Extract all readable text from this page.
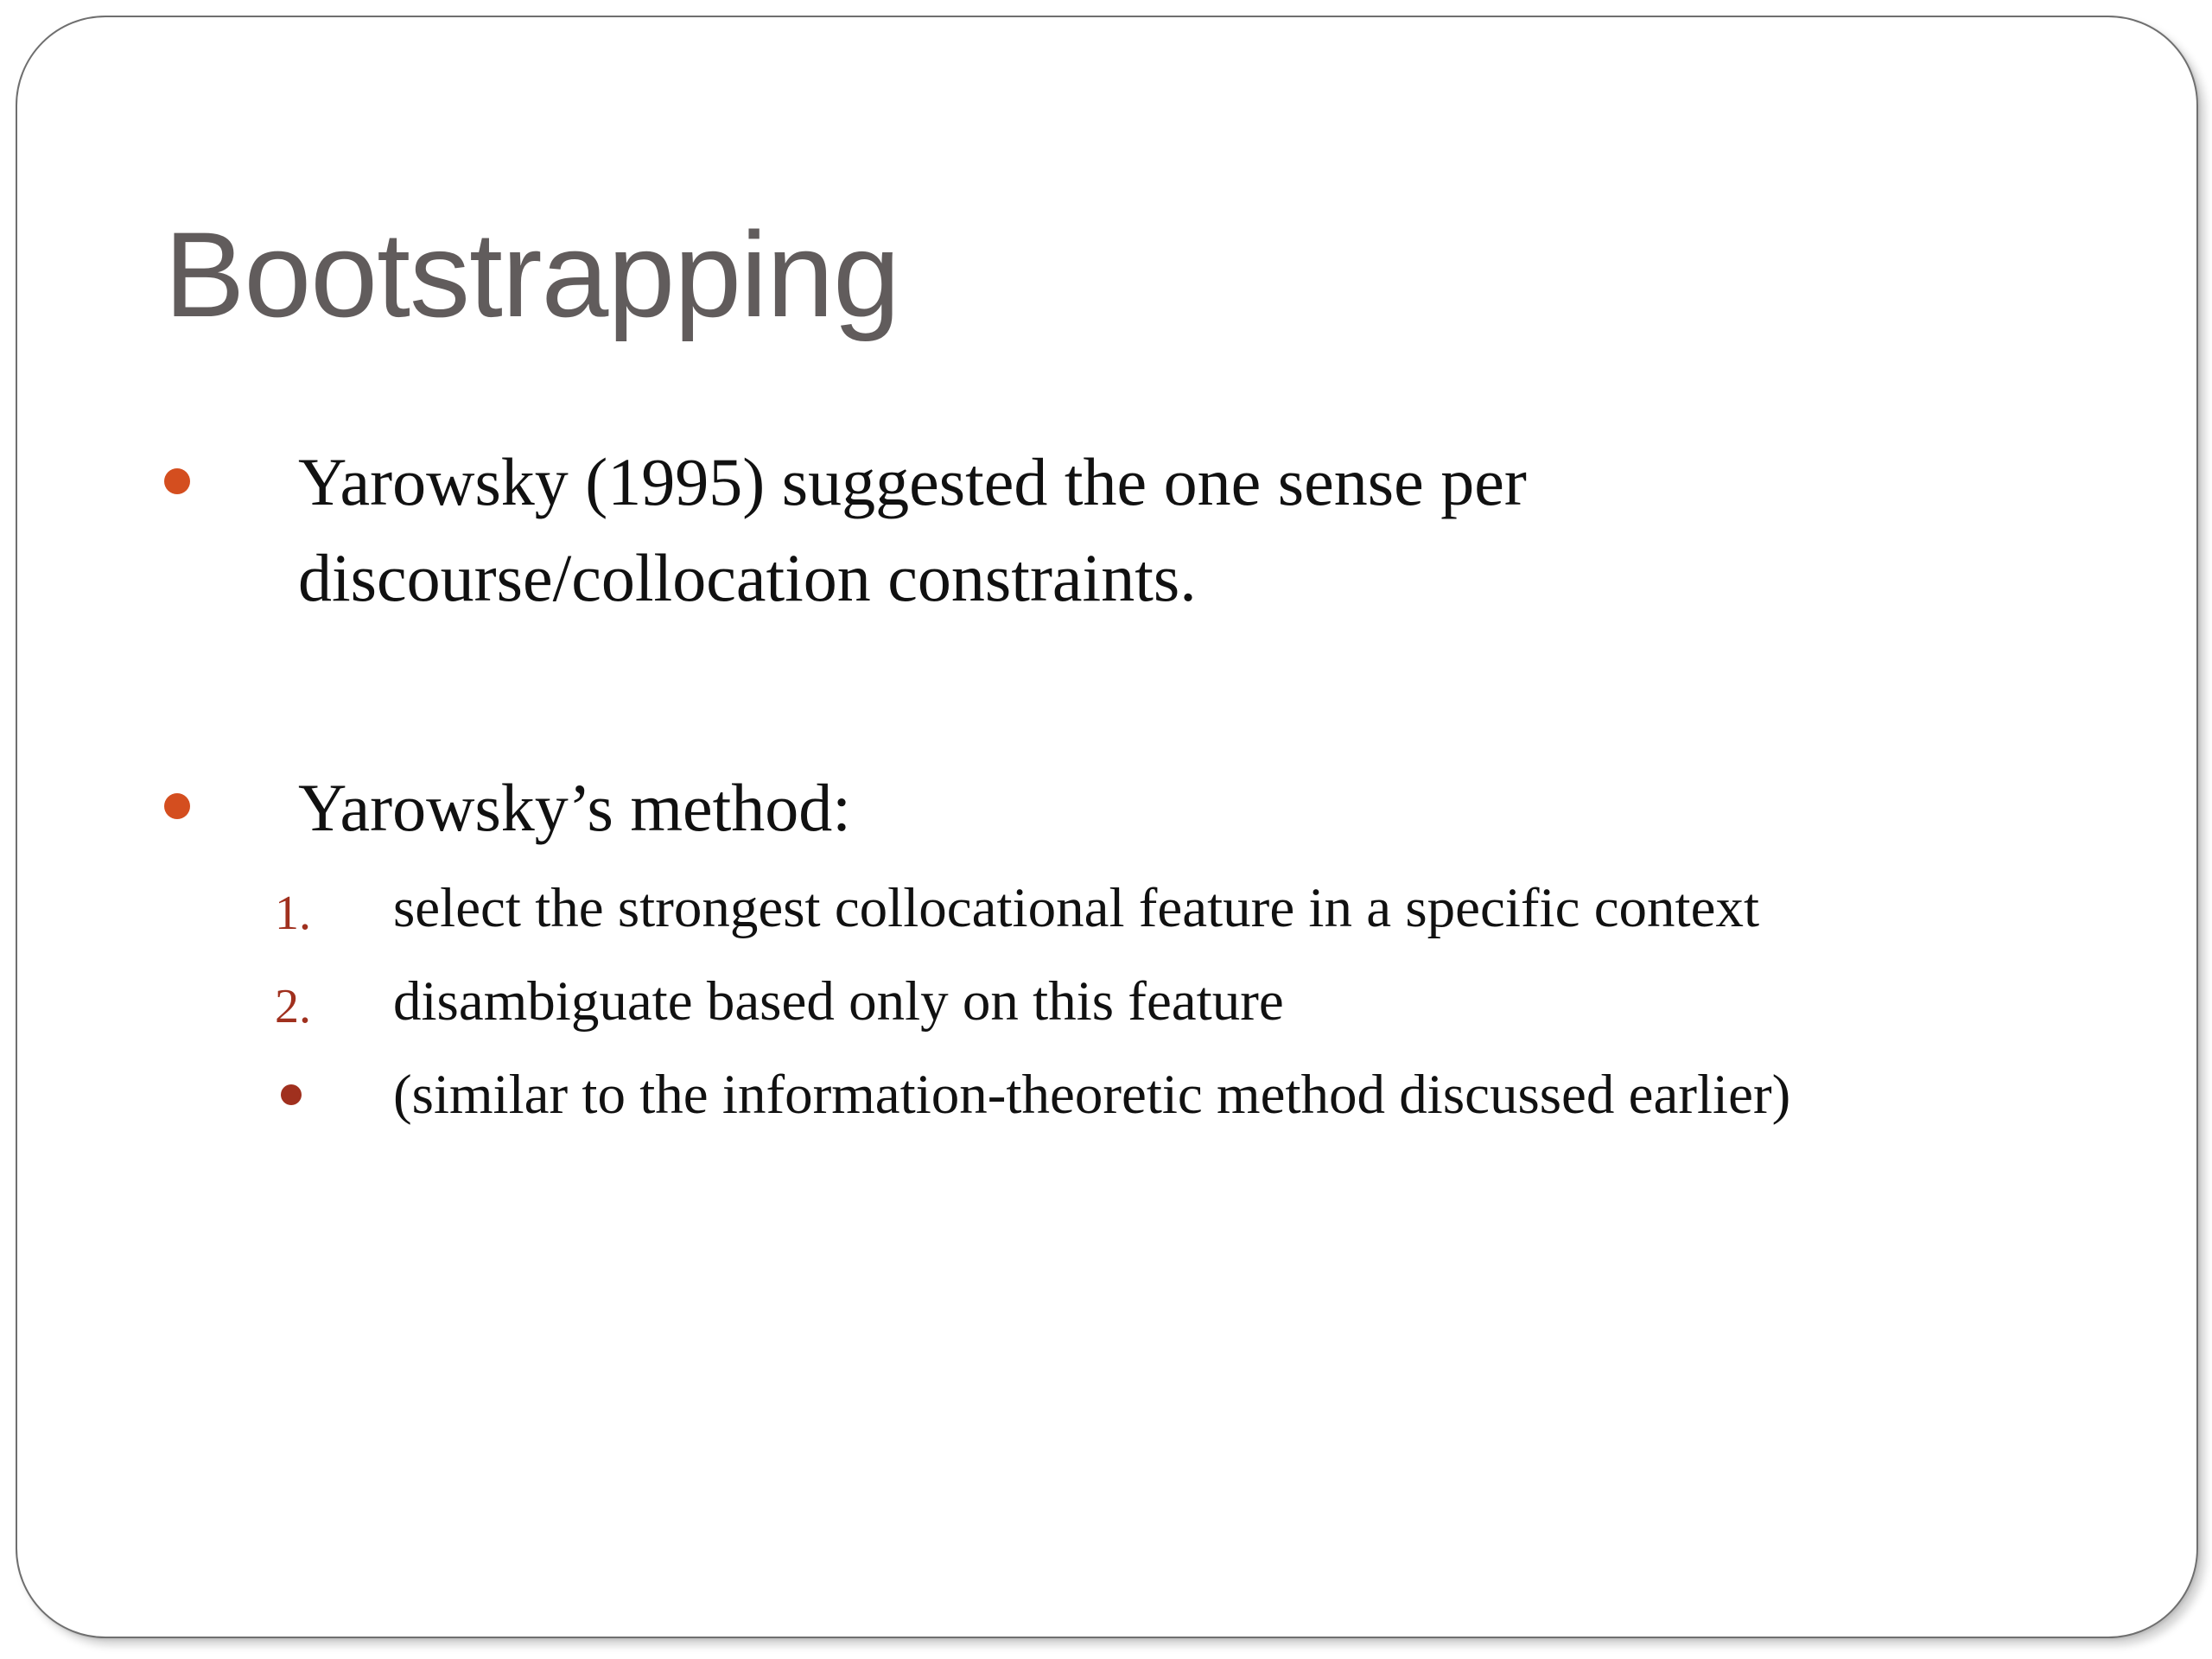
Bootstrapping
Yarowsky (1995) suggested the one sense per
discourse/collocation constraints.
Yarowsky’s method:
1. select the strongest collocational feature in a specific context
2. disambiguate based only on this feature
(similar to the information-theoretic method discussed earlier)
